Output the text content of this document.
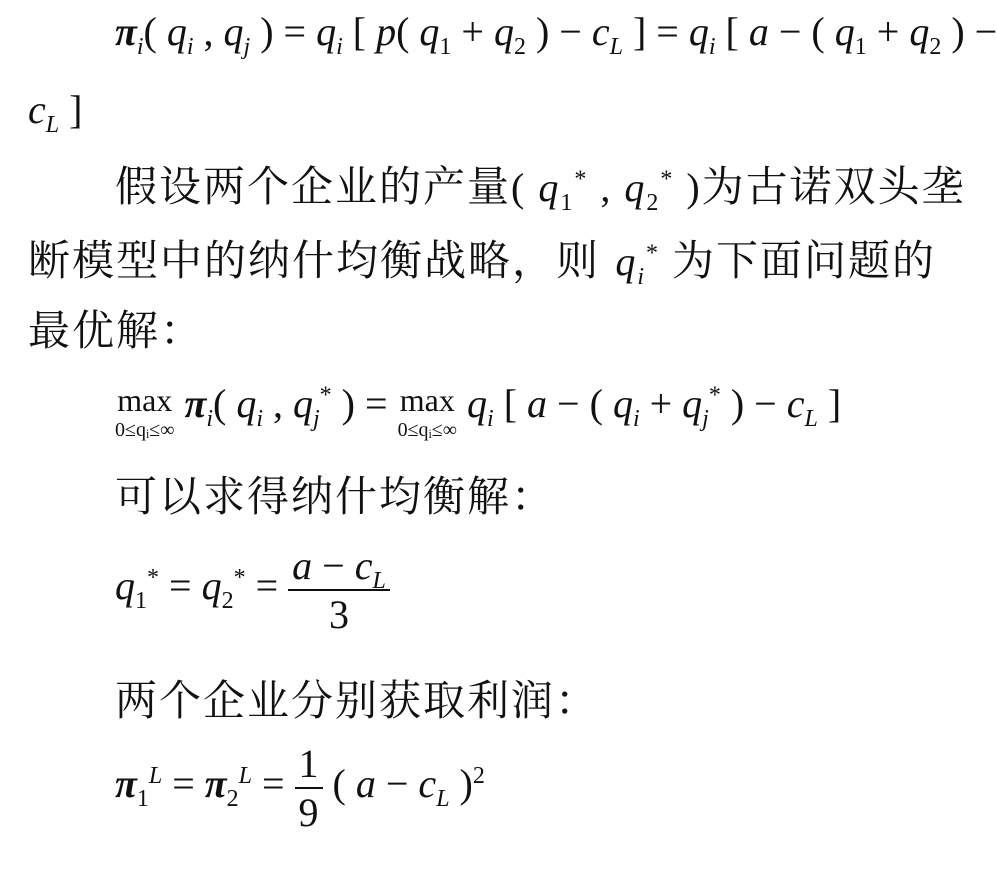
$\pi_i$( $q_i$ , $q_j$ ) = $q_i$ [ p( $q_1 + q_2$ ) − $c_L$ ] = $q_i$ [ a − ( $q_1 + q_2$ ) −
$c_L$ ]
假设两个企业的产量( $q_1^*$ , $q_2^*$ )为古诺双头垄
断模型中的纳什均衡战略，则 $q_i^*$ 为下面问题的
最优解：
max
0≤qᵢ≤∞
$\pi_i$( $q_i$ , $q_j^*$ ) = max
0≤qᵢ≤∞
$q_i$ [ a − ( $q_i + q_j^*$ ) − $c_L$ ]
可以求得纳什均衡解：
$q_1^* = q_2^* = \frac{a - c_L}{3}$
两个企业分别获取利润：
$\pi_1^L = \pi_2^L = \frac{1}{9}$ ( $a - c_L$ )$^2$
